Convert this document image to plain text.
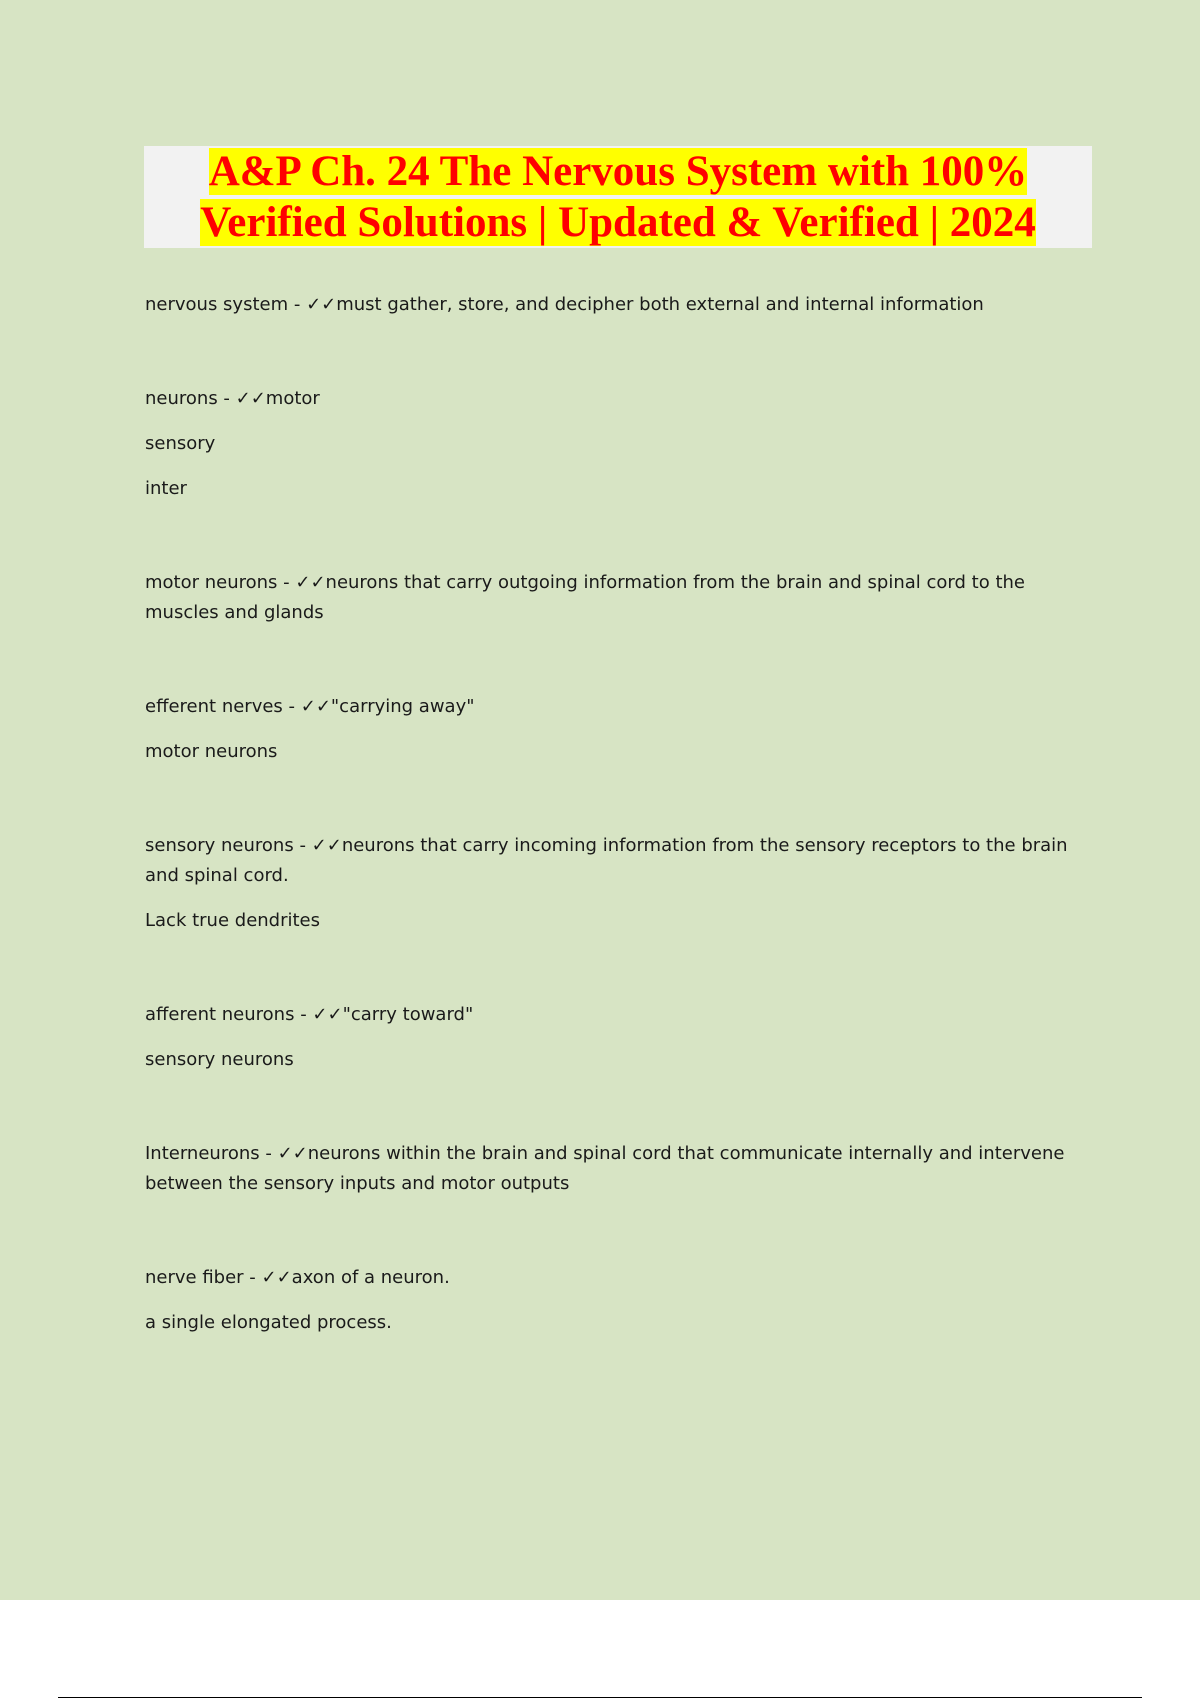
A&P Ch. 24 The Nervous System with 100%
Verified Solutions | Updated & Verified | 2024

nervous system - ✓✓must gather, store, and decipher both external and internal information

neurons - ✓✓motor

sensory

inter

motor neurons - ✓✓neurons that carry outgoing information from the brain and spinal cord to the muscles and glands

efferent nerves - ✓✓"carrying away"

motor neurons

sensory neurons - ✓✓neurons that carry incoming information from the sensory receptors to the brain and spinal cord.

Lack true dendrites

afferent neurons - ✓✓"carry toward"

sensory neurons

Interneurons - ✓✓neurons within the brain and spinal cord that communicate internally and intervene between the sensory inputs and motor outputs

nerve fiber - ✓✓axon of a neuron.

a single elongated process.
